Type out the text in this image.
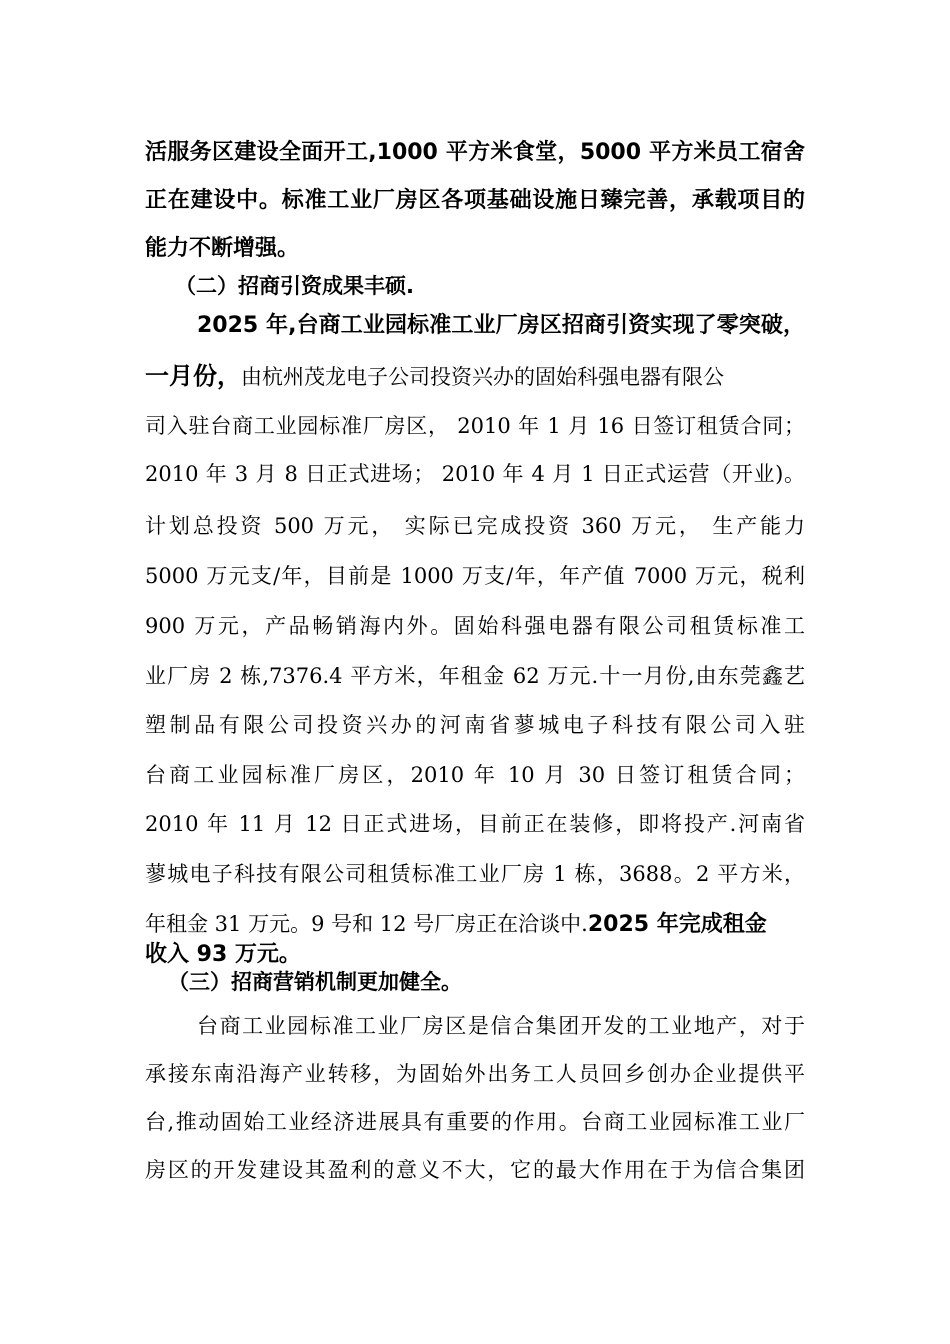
活服务区建设全面开工,1000 平方米食堂，5000 平方米员工宿舍
正在建设中。标准工业厂房区各项基础设施日臻完善，承载项目的
能力不断增强。
（二）招商引资成果丰硕.
2025 年,台商工业园标准工业厂房区招商引资实现了零突破，
一月份，由杭州茂龙电子公司投资兴办的固始科强电器有限公
司入驻台商工业园标准厂房区， 2010 年 1 月 16 日签订租赁合同；
2010 年 3 月 8 日正式进场； 2010 年 4 月 1 日正式运营（开业)。
计划总投资 500 万元， 实际已完成投资 360 万元， 生产能力
5000 万元支/年，目前是 1000 万支/年，年产值 7000 万元，税利
900 万元，产品畅销海内外。固始科强电器有限公司租赁标准工
业厂房 2 栋,7376.4 平方米，年租金 62 万元.十一月份,由东莞鑫艺
塑制品有限公司投资兴办的河南省蓼城电子科技有限公司入驻
台商工业园标准厂房区，2010 年 10 月 30 日签订租赁合同；
2010 年 11 月 12 日正式进场，目前正在装修，即将投产.河南省
蓼城电子科技有限公司租赁标准工业厂房 1 栋，3688。2 平方米，
年租金 31 万元。9 号和 12 号厂房正在洽谈中.2025 年完成租金
收入 93 万元。
（三）招商营销机制更加健全。
台商工业园标准工业厂房区是信合集团开发的工业地产，对于
承接东南沿海产业转移，为固始外出务工人员回乡创办企业提供平
台,推动固始工业经济进展具有重要的作用。台商工业园标准工业厂
房区的开发建设其盈利的意义不大，它的最大作用在于为信合集团
